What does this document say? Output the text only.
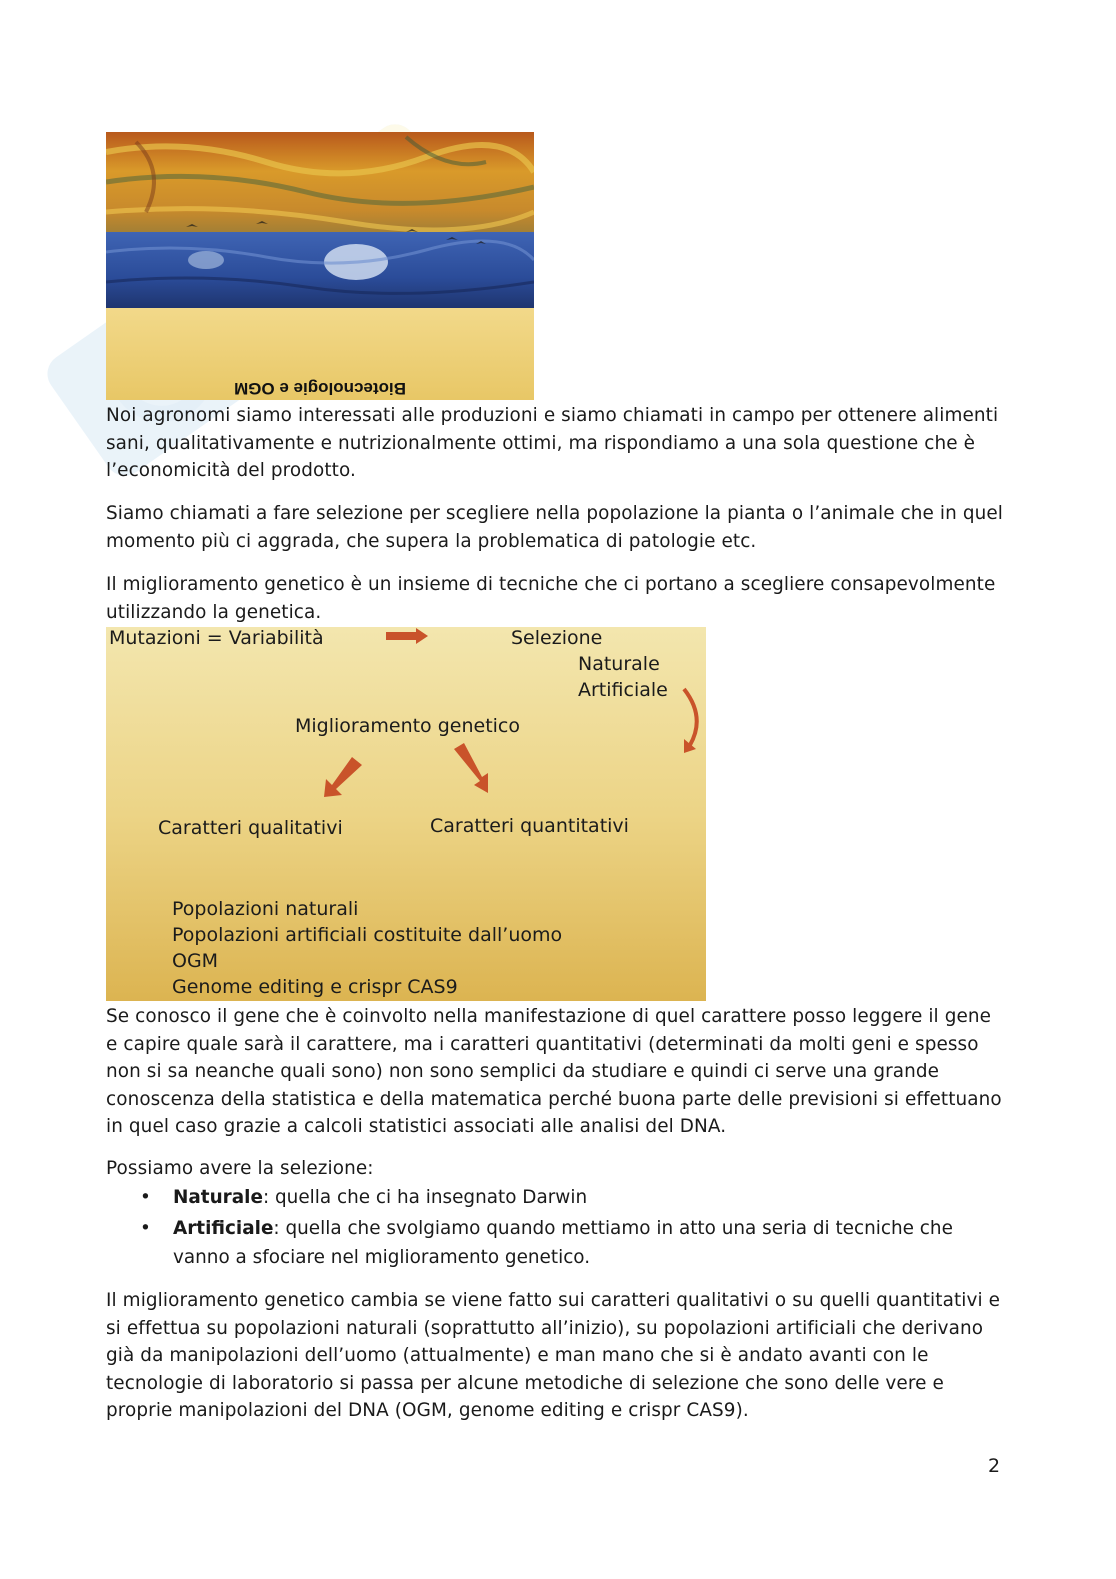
Biotecnologie e OGM

Noi agronomi siamo interessati alle produzioni e siamo chiamati in campo per ottenere alimenti sani, qualitativamente e nutrizionalmente ottimi, ma rispondiamo a una sola questione che è l’economicità del prodotto.

Siamo chiamati a fare selezione per scegliere nella popolazione la pianta o l’animale che in quel momento più ci aggrada, che supera la problematica di patologie etc.

Il miglioramento genetico è un insieme di tecniche che ci portano a scegliere consapevolmente utilizzando la genetica.

Mutazioni = Variabilità	Selezione
Naturale
Artificiale
Miglioramento genetico
Caratteri qualitativi	Caratteri quantitativi
Popolazioni naturali
Popolazioni artificiali costituite dall’uomo
OGM
Genome editing e crispr CAS9

Se conosco il gene che è coinvolto nella manifestazione di quel carattere posso leggere il gene e capire quale sarà il carattere, ma i caratteri quantitativi (determinati da molti geni e spesso non si sa neanche quali sono) non sono semplici da studiare e quindi ci serve una grande conoscenza della statistica e della matematica perché buona parte delle previsioni si effettuano in quel caso grazie a calcoli statistici associati alle analisi del DNA.

Possiamo avere la selezione:

• Naturale: quella che ci ha insegnato Darwin
• Artificiale: quella che svolgiamo quando mettiamo in atto una seria di tecniche che vanno a sfociare nel miglioramento genetico.

Il miglioramento genetico cambia se viene fatto sui caratteri qualitativi o su quelli quantitativi e si effettua su popolazioni naturali (soprattutto all’inizio), su popolazioni artificiali che derivano già da manipolazioni dell’uomo (attualmente) e man mano che si è andato avanti con le tecnologie di laboratorio si passa per alcune metodiche di selezione che sono delle vere e proprie manipolazioni del DNA (OGM, genome editing e crispr CAS9).

2
